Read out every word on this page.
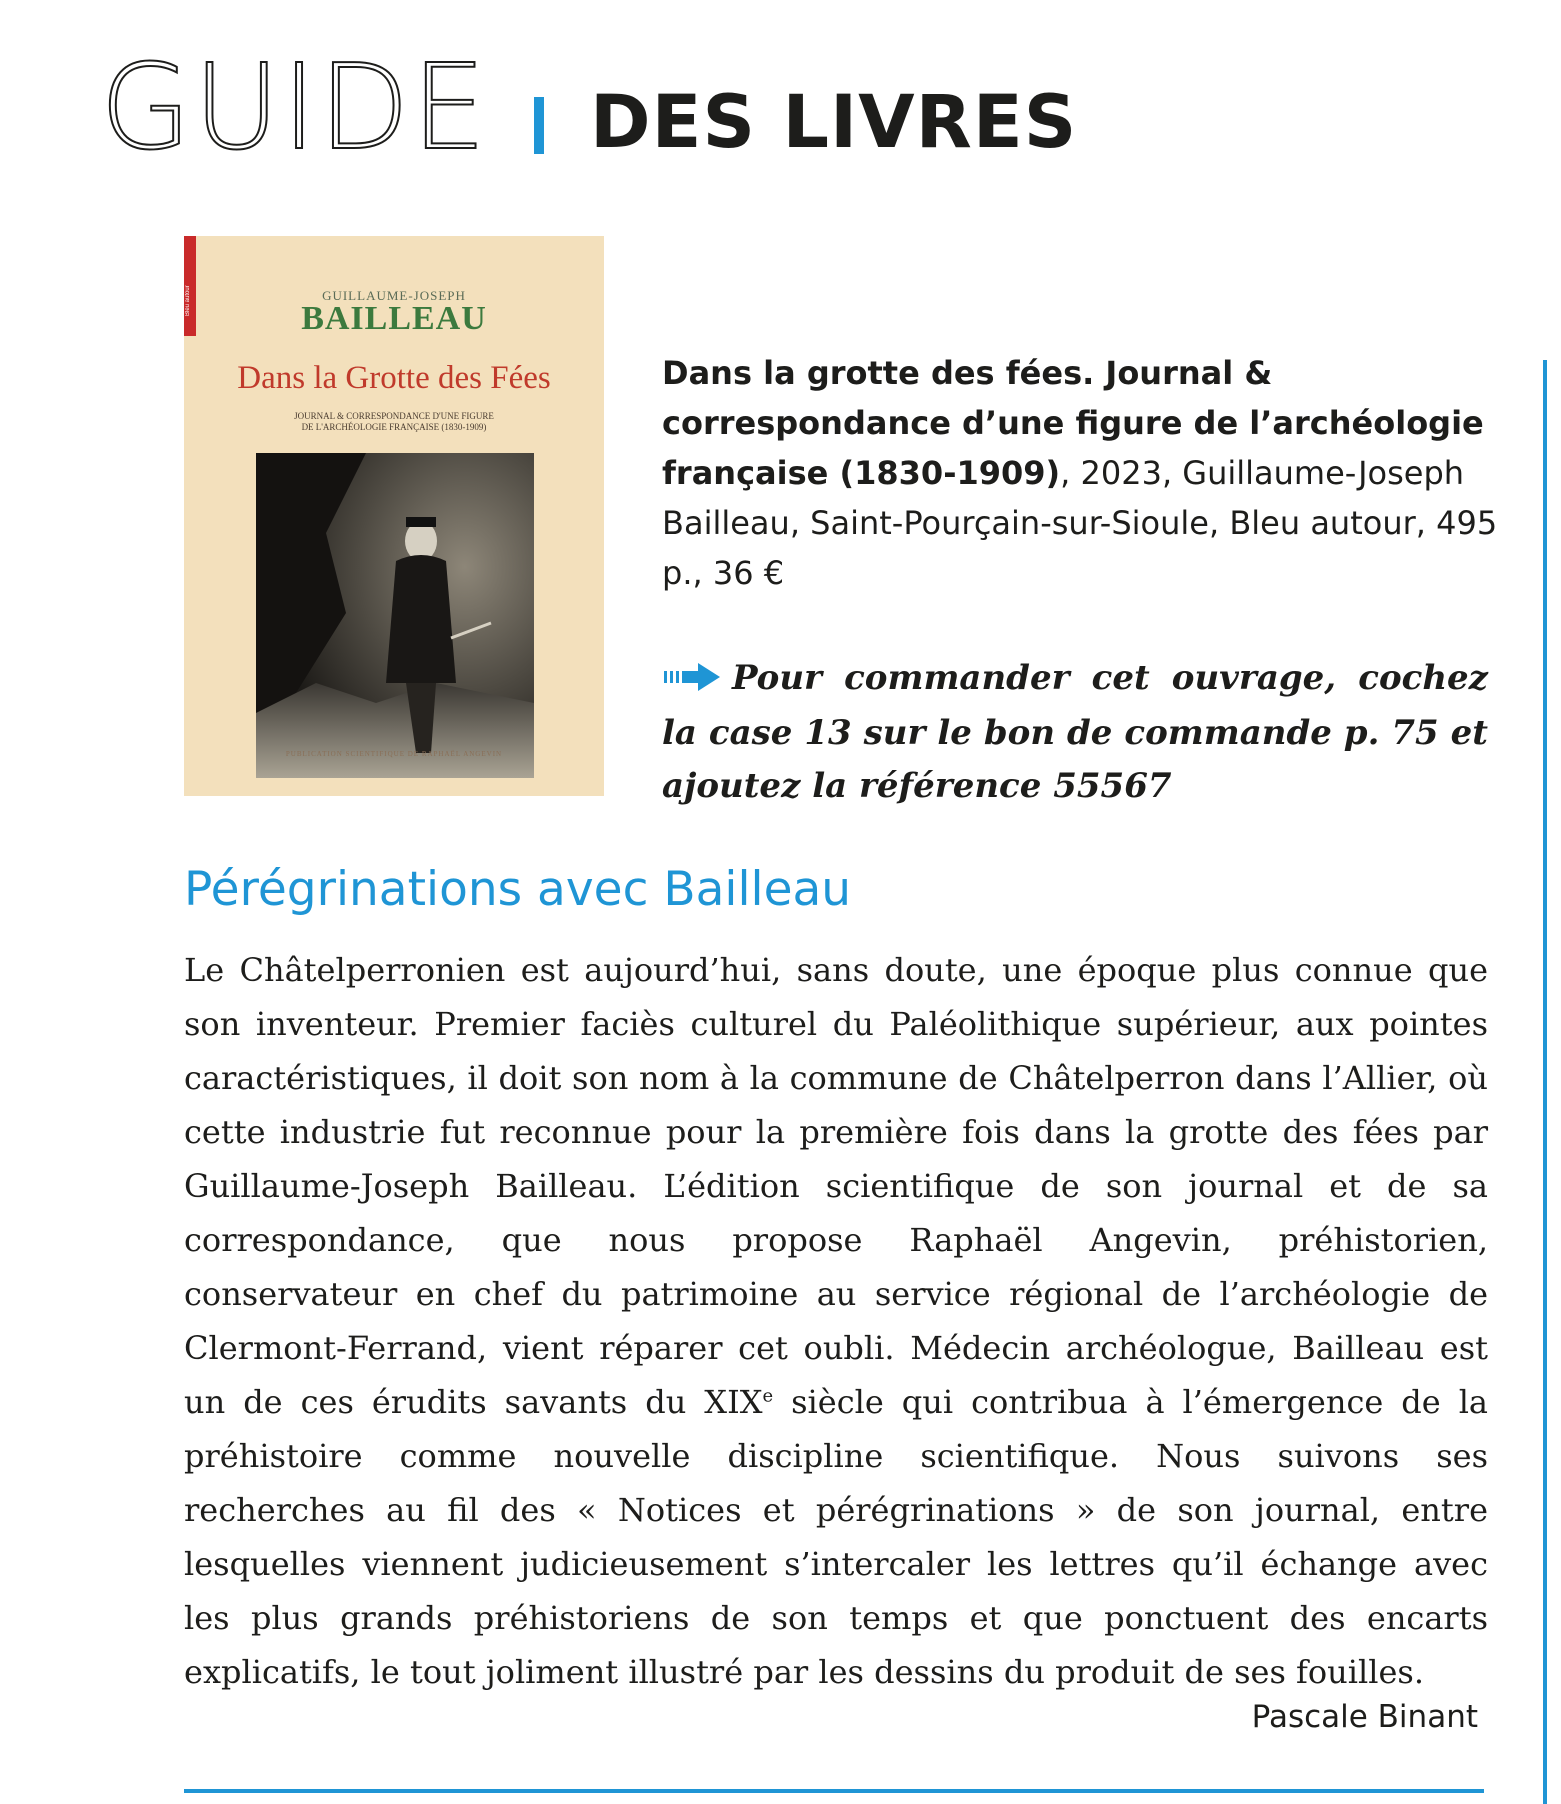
GUIDE DES LIVRES
Bleu autour	GUILLAUME-JOSEPH
BAILLEAU
Dans la Grotte des Fées
JOURNAL & CORRESPONDANCE D'UNE FIGURE
DE L'ARCHÉOLOGIE FRANÇAISE (1830-1909)
PUBLICATION SCIENTIFIQUE DE RAPHAËL ANGEVIN
Dans la grotte des fées. Journal & correspondance d’une figure de l’archéologie française (1830-1909), 2023, Guillaume-Joseph Bailleau, Saint-Pourçain-sur-Sioule, Bleu autour, 495 p., 36 €
Pour commander cet ouvrage, cochez la case 13 sur le bon de commande p. 75 et ajoutez la référence 55567
Pérégrinations avec Bailleau
Le Châtelperronien est aujourd’hui, sans doute, une époque plus connue que son inventeur. Premier faciès culturel du Paléolithique supérieur, aux pointes caractéristiques, il doit son nom à la commune de Châtelperron dans l’Allier, où cette industrie fut reconnue pour la première fois dans la grotte des fées par Guillaume-Joseph Bailleau. L’édition scientifique de son journal et de sa correspondance, que nous propose Raphaël Angevin, préhistorien, conservateur en chef du patrimoine au service régional de l’archéologie de Clermont-Ferrand, vient réparer cet oubli. Médecin archéologue, Bailleau est un de ces érudits savants du XIXe siècle qui contribua à l’émergence de la préhistoire comme nouvelle discipline scientifique. Nous suivons ses recherches au fil des « Notices et pérégrinations » de son journal, entre lesquelles viennent judicieusement s’intercaler les lettres qu’il échange avec les plus grands préhistoriens de son temps et que ponctuent des encarts explicatifs, le tout joliment illustré par les dessins du produit de ses fouilles.
Pascale Binant
